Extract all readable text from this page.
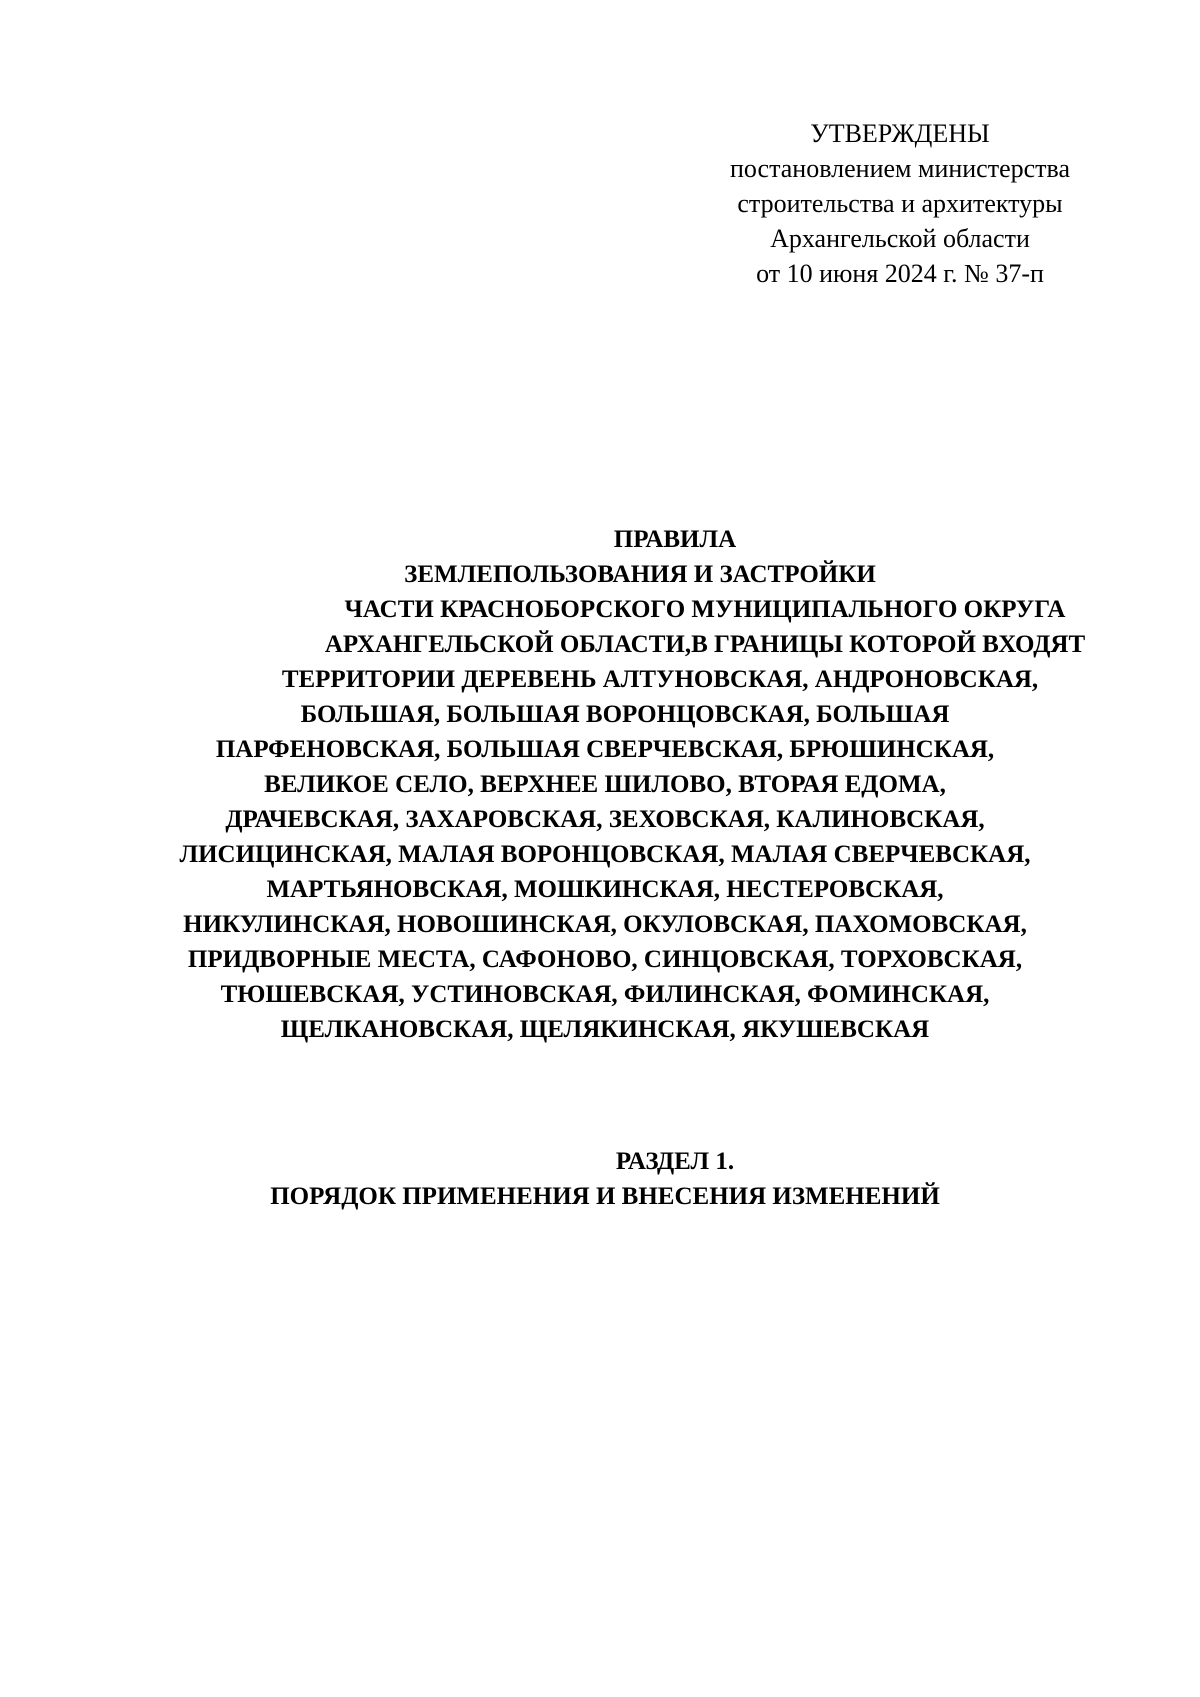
УТВЕРЖДЕНЫ
постановлением министерства
строительства и архитектуры
Архангельской области
от 10 июня 2024 г. № 37-п
ПРАВИЛА
ЗЕМЛЕПОЛЬЗОВАНИЯ И ЗАСТРОЙКИ
ЧАСТИ КРАСНОБОРСКОГО МУНИЦИПАЛЬНОГО ОКРУГА
АРХАНГЕЛЬСКОЙ ОБЛАСТИ,В ГРАНИЦЫ КОТОРОЙ ВХОДЯТ
ТЕРРИТОРИИ ДЕРЕВЕНЬ АЛТУНОВСКАЯ, АНДРОНОВСКАЯ,
БОЛЬШАЯ, БОЛЬШАЯ ВОРОНЦОВСКАЯ, БОЛЬШАЯ
ПАРФЕНОВСКАЯ, БОЛЬШАЯ СВЕРЧЕВСКАЯ, БРЮШИНСКАЯ,
ВЕЛИКОЕ СЕЛО, ВЕРХНЕЕ ШИЛОВО, ВТОРАЯ ЕДОМА,
ДРАЧЕВСКАЯ, ЗАХАРОВСКАЯ, ЗЕХОВСКАЯ, КАЛИНОВСКАЯ,
ЛИСИЦИНСКАЯ, МАЛАЯ ВОРОНЦОВСКАЯ, МАЛАЯ СВЕРЧЕВСКАЯ,
МАРТЬЯНОВСКАЯ, МОШКИНСКАЯ, НЕСТЕРОВСКАЯ,
НИКУЛИНСКАЯ, НОВОШИНСКАЯ, ОКУЛОВСКАЯ, ПАХОМОВСКАЯ,
ПРИДВОРНЫЕ МЕСТА, САФОНОВО, СИНЦОВСКАЯ, ТОРХОВСКАЯ,
ТЮШЕВСКАЯ, УСТИНОВСКАЯ, ФИЛИНСКАЯ, ФОМИНСКАЯ,
ЩЕЛКАНОВСКАЯ, ЩЕЛЯКИНСКАЯ, ЯКУШЕВСКАЯ
РАЗДЕЛ 1.
ПОРЯДОК ПРИМЕНЕНИЯ И ВНЕСЕНИЯ ИЗМЕНЕНИЙ
